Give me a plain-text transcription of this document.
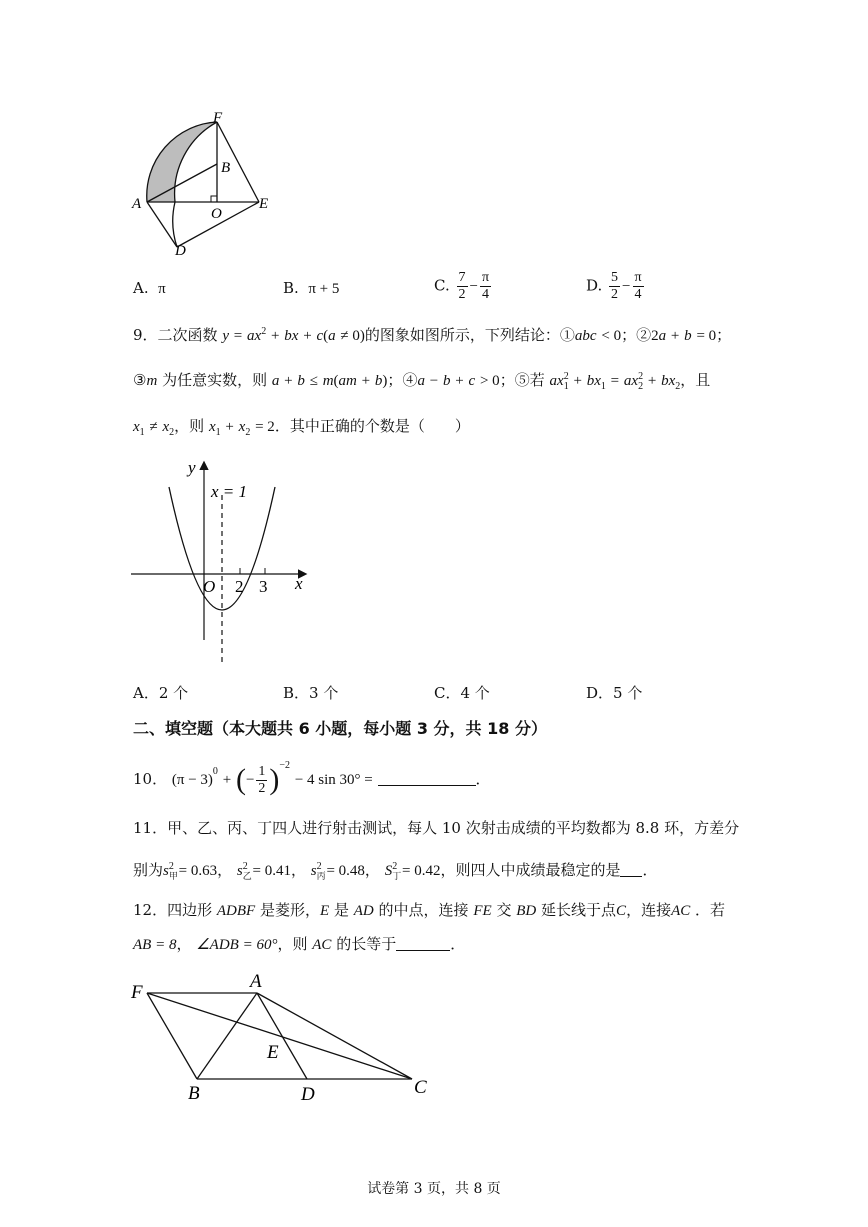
F
B
A
O
E
D
A. π	B. π + 5	C. $\frac{7}{2} - \frac{\pi}{4}$	D. $\frac{5}{2} - \frac{\pi}{4}$
9．二次函数 $y = ax^2$ + bx + c(a ≠ 0)的图象如图所示，下列结论：①abc < 0；②2a + b = 0；
③m 为任意实数，则 a + b ≤ m(am + b)；④a − b + c > 0；⑤若 $ax_1^2 + bx_1 = ax_2^2 + bx_2$，且
$x_1 \ne x_2$，则 $x_1 + x_2 = 2$．其中正确的个数是（　　）
y
x
O
x = 1
2 3
A．2 个	B．3 个	C．4 个	D．5 个
二、填空题（本大题共 6 小题，每小题 3 分，共 18 分）
10． $(\pi - 3)^0$ + (− $\frac{1}{2} )^{-2} - 4$ sin 30° =	．
11．甲、乙、丙、丁四人进行射击测试，每人 10 次射击成绩的平均数都为 8.8 环，方差分
别为$s_甲^2 = 0.63$， $s_乙^2 = 0.41$， $s_丙^2 = 0.48$， $S_丁^2 = 0.42$，则四人中成绩最稳定的是 ．
12．四边形 ADBF 是菱形，E 是 AD 的中点，连接 FE 交 BD 延长线于点C，连接AC ．若
AB = 8， ∠ADB = 60°，则 AC 的长等于	．
F
A
E
B	D	C
试卷第 3 页，共 8 页
